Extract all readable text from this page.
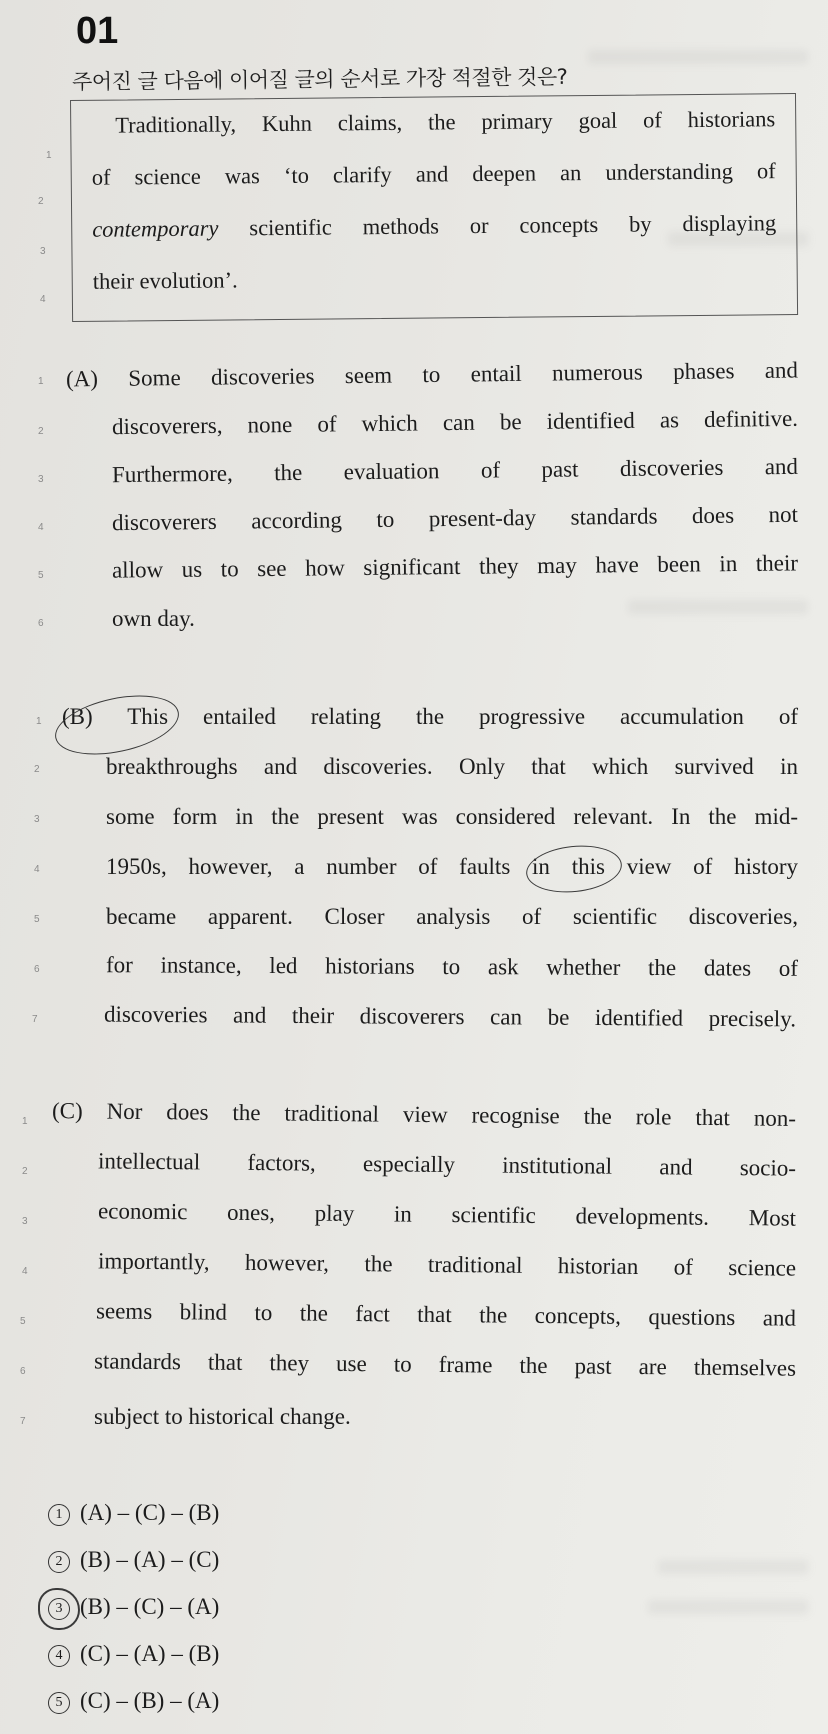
01
주어진 글 다음에 이어질 글의 순서로 가장 적절한 것은?
Traditionally, Kuhn claims, the primary goal of historians
of science was ‘to clarify and deepen an understanding of
contemporary scientific methods or concepts by displaying
their evolution’.
1
2
3
4
1 (A) Some discoveries seem to entail numerous phases and
2	discoverers, none of which can be identified as definitive.
3	Furthermore, the evaluation of past discoveries and
4	discoverers according to present-day standards does not
5	allow us to see how significant they may have been in their
6	own day.
1 (B) This entailed relating the progressive accumulation of
2	breakthroughs and discoveries. Only that which survived in
3	some form in the present was considered relevant. In the mid-
4	1950s, however, a number of faults in this view of history
5	became apparent. Closer analysis of scientific discoveries,
6	for instance, led historians to ask whether the dates of
7	discoveries and their discoverers can be identified precisely.
1 (C) Nor does the traditional view recognise the role that non-
2	intellectual factors, especially institutional and socio-
3	economic ones, play in scientific developments. Most
4	importantly, however, the traditional historian of science
5	seems blind to the fact that the concepts, questions and
6	standards that they use to frame the past are themselves
7	subject to historical change.
1 (A) – (C) – (B)
2 (B) – (A) – (C)
3 (B) – (C) – (A)
4 (C) – (A) – (B)
5 (C) – (B) – (A)
